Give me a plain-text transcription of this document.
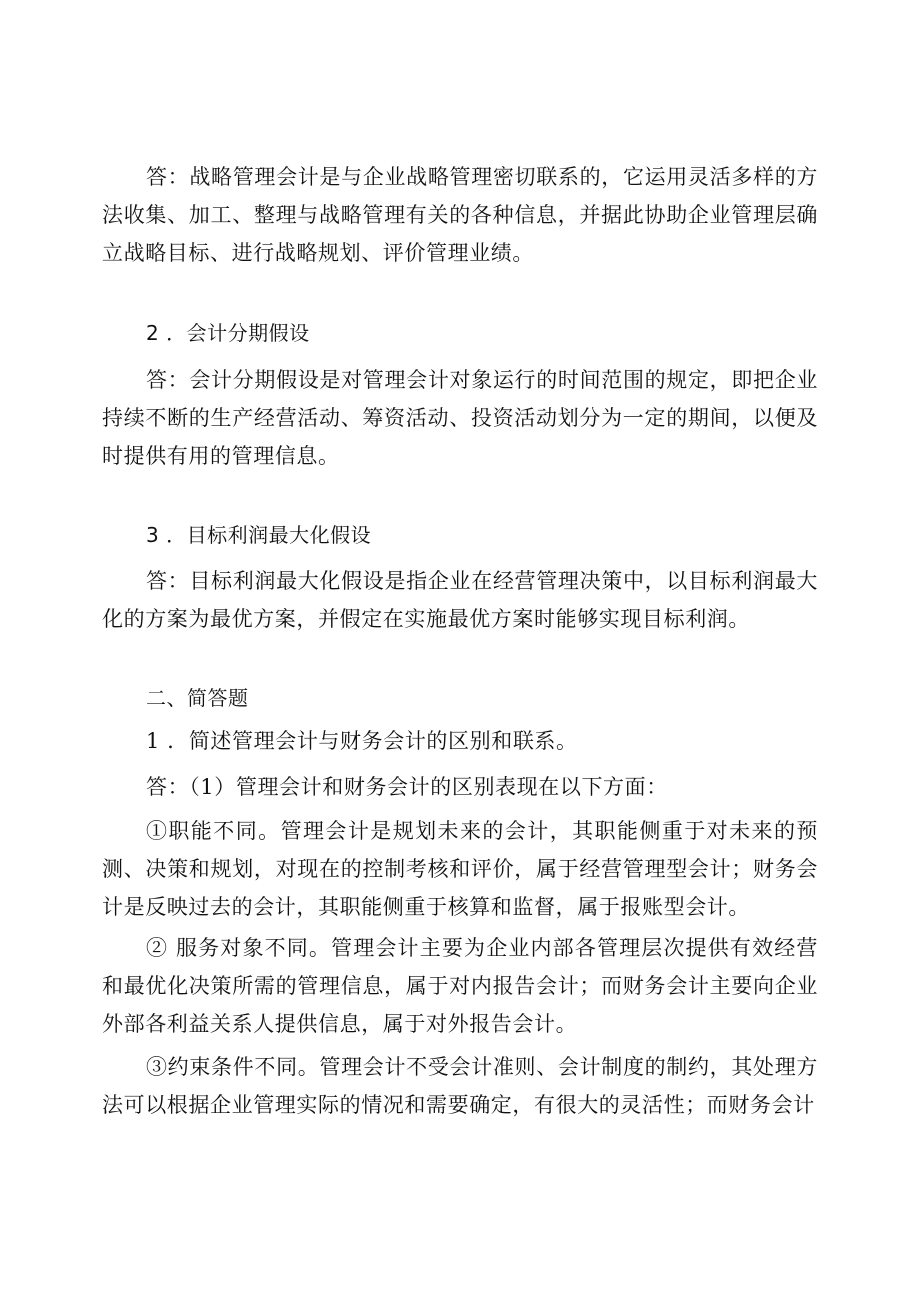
答：战略管理会计是与企业战略管理密切联系的，它运用灵活多样的方法收集、加工、整理与战略管理有关的各种信息，并据此协助企业管理层确立战略目标、进行战略规划、评价管理业绩。

2 ．会计分期假设

答：会计分期假设是对管理会计对象运行的时间范围的规定，即把企业持续不断的生产经营活动、筹资活动、投资活动划分为一定的期间，以便及时提供有用的管理信息。

3 ．目标利润最大化假设

答：目标利润最大化假设是指企业在经营管理决策中，以目标利润最大化的方案为最优方案，并假定在实施最优方案时能够实现目标利润。

二、简答题

1 ．简述管理会计与财务会计的区别和联系。

答：（1）管理会计和财务会计的区别表现在以下方面：

①职能不同。管理会计是规划未来的会计，其职能侧重于对未来的预测、决策和规划，对现在的控制考核和评价，属于经营管理型会计；财务会计是反映过去的会计，其职能侧重于核算和监督，属于报账型会计。

② 服务对象不同。管理会计主要为企业内部各管理层次提供有效经营和最优化决策所需的管理信息，属于对内报告会计；而财务会计主要向企业外部各利益关系人提供信息，属于对外报告会计。

③约束条件不同。管理会计不受会计准则、会计制度的制约，其处理方法可以根据企业管理实际的情况和需要确定，有很大的灵活性；而财务会计
